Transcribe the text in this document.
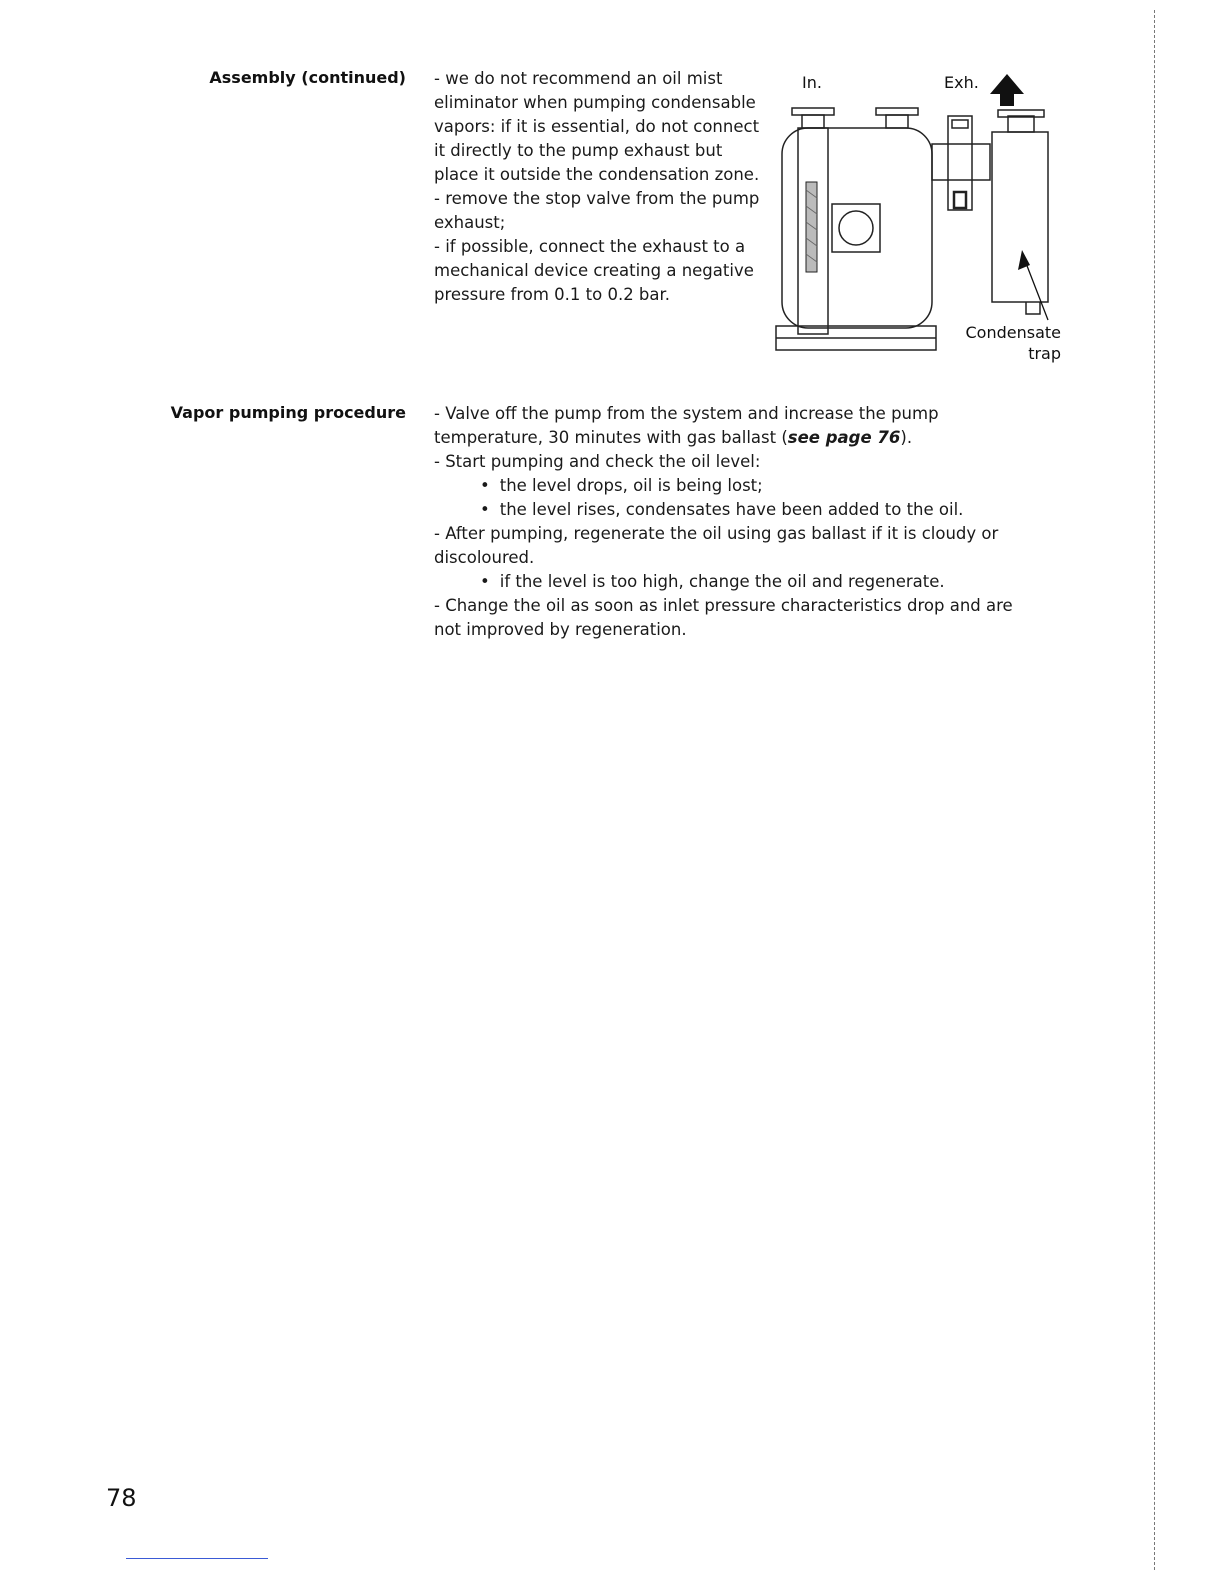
Assembly (continued) - we do not recommend an oil mist eliminator when pumping condensable vapors: if it is essential, do not connect it directly to the pump exhaust but place it outside the condensation zone.

- remove the stop valve from the pump exhaust;

- if possible, connect the exhaust to a mechanical device creating a negative pressure from 0.1 to 0.2 bar.

In.	Exh.
Condensate
trap
Vapor pumping procedure - Valve off the pump from the system and increase the pump temperature, 30 minutes with gas ballast (see page 76).

- Start pumping and check the oil level:

• the level drops, oil is being lost;

• the level rises, condensates have been added to the oil.

- After pumping, regenerate the oil using gas ballast if it is cloudy or discoloured.

• if the level is too high, change the oil and regenerate.

- Change the oil as soon as inlet pressure characteristics drop and are not improved by regeneration.

78
